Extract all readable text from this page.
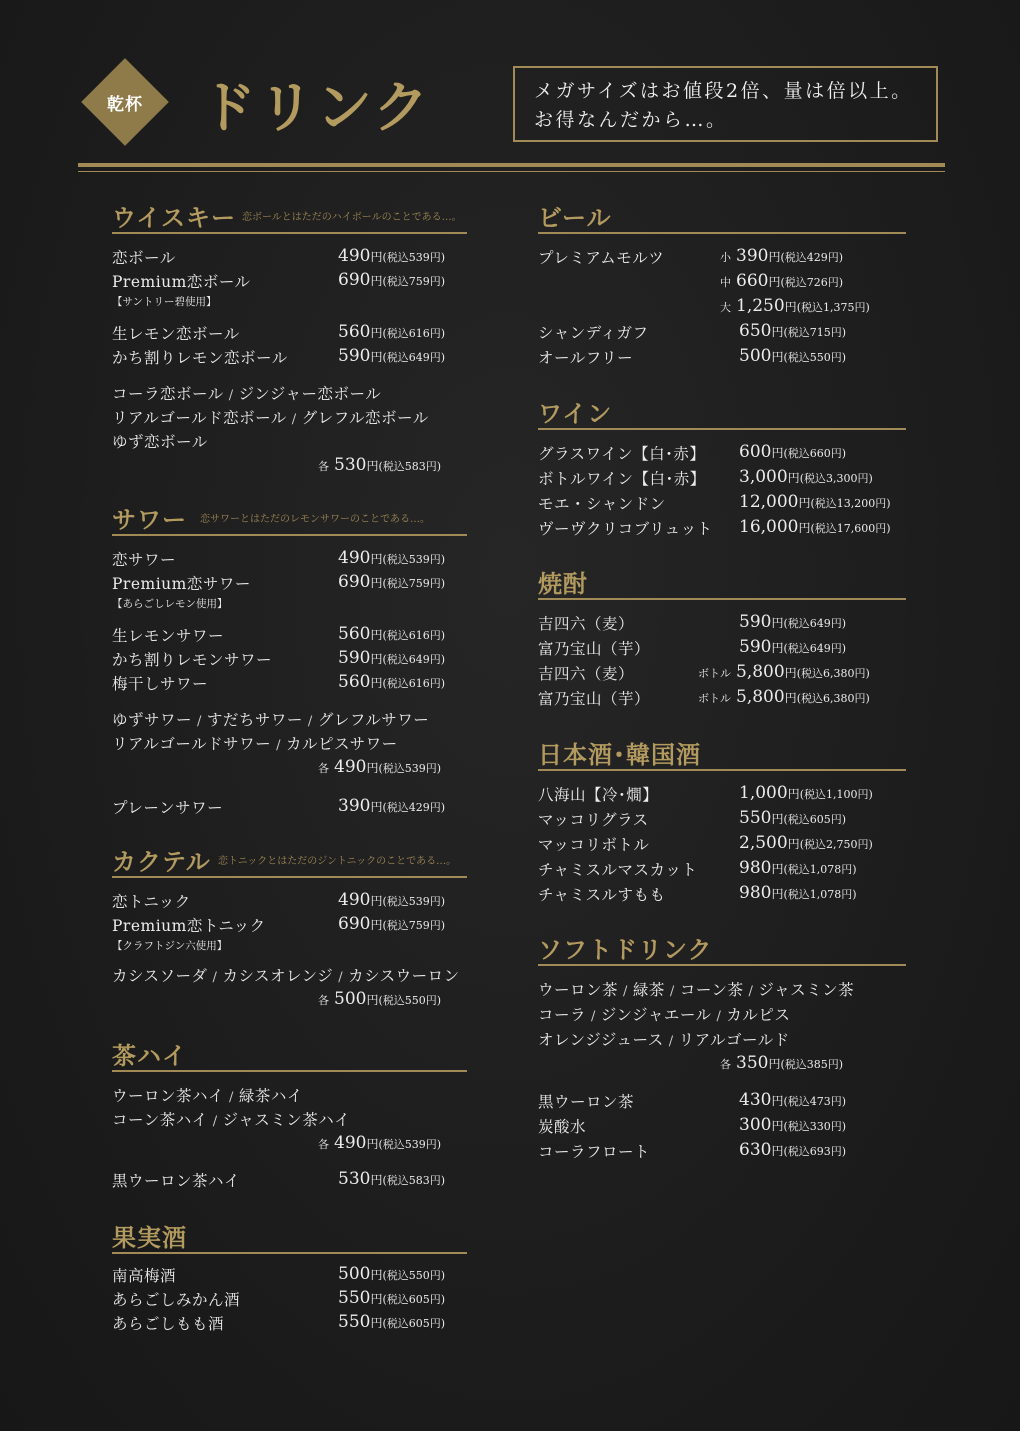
乾杯	ドリンク	メガサイズはお値段2倍、量は倍以上。
お得なんだから…。
ウイスキー 恋ボールとはただのハイボールのことである…。
恋ボール	490円(税込539円)
Premium恋ボール	690円(税込759円)
【サントリー碧使用】
生レモン恋ボール	560円(税込616円)
かち割りレモン恋ボール	590円(税込649円)
コーラ恋ボール / ジンジャー恋ボール
リアルゴールド恋ボール / グレフル恋ボール
ゆず恋ボール
各 530円(税込583円)
サワー 恋サワーとはただのレモンサワーのことである…。
恋サワー	490円(税込539円)
Premium恋サワー	690円(税込759円)
【あらごしレモン使用】
生レモンサワー	560円(税込616円)
かち割りレモンサワー	590円(税込649円)
梅干しサワー	560円(税込616円)
ゆずサワー / すだちサワー / グレフルサワー
リアルゴールドサワー / カルピスサワー
各 490円(税込539円)
プレーンサワー	390円(税込429円)
カクテル 恋トニックとはただのジントニックのことである…。
恋トニック	490円(税込539円)
Premium恋トニック	690円(税込759円)
【クラフトジン六使用】
カシスソーダ / カシスオレンジ / カシスウーロン
各 500円(税込550円)
茶ハイ
ウーロン茶ハイ / 緑茶ハイ
コーン茶ハイ / ジャスミン茶ハイ
各 490円(税込539円)
黒ウーロン茶ハイ	530円(税込583円)
果実酒
南高梅酒	500円(税込550円)
あらごしみかん酒	550円(税込605円)
あらごしもも酒	550円(税込605円)
ビール
プレミアムモルツ	小 390円(税込429円)
中 660円(税込726円)
大 1,250円(税込1,375円)
シャンディガフ	650円(税込715円)
オールフリー	500円(税込550円)
ワイン
グラスワイン【白･赤】 600円(税込660円)
ボトルワイン【白･赤】 3,000円(税込3,300円)
モエ・シャンドン	12,000円(税込13,200円)
ヴーヴクリコブリュット 16,000円(税込17,600円)
焼酎
吉四六（麦）	590円(税込649円)
富乃宝山（芋）	590円(税込649円)
吉四六（麦）	ボトル 5,800円(税込6,380円)
富乃宝山（芋）	ボトル 5,800円(税込6,380円)
日本酒･韓国酒
八海山【冷･燗】	1,000円(税込1,100円)
マッコリグラス	550円(税込605円)
マッコリボトル	2,500円(税込2,750円)
チャミスルマスカット 980円(税込1,078円)
チャミスルすもも	980円(税込1,078円)
ソフトドリンク
ウーロン茶 / 緑茶 / コーン茶 / ジャスミン茶
コーラ / ジンジャエール / カルピス
オレンジジュース / リアルゴールド
各 350円(税込385円)
黒ウーロン茶	430円(税込473円)
炭酸水	300円(税込330円)
コーラフロート	630円(税込693円)
